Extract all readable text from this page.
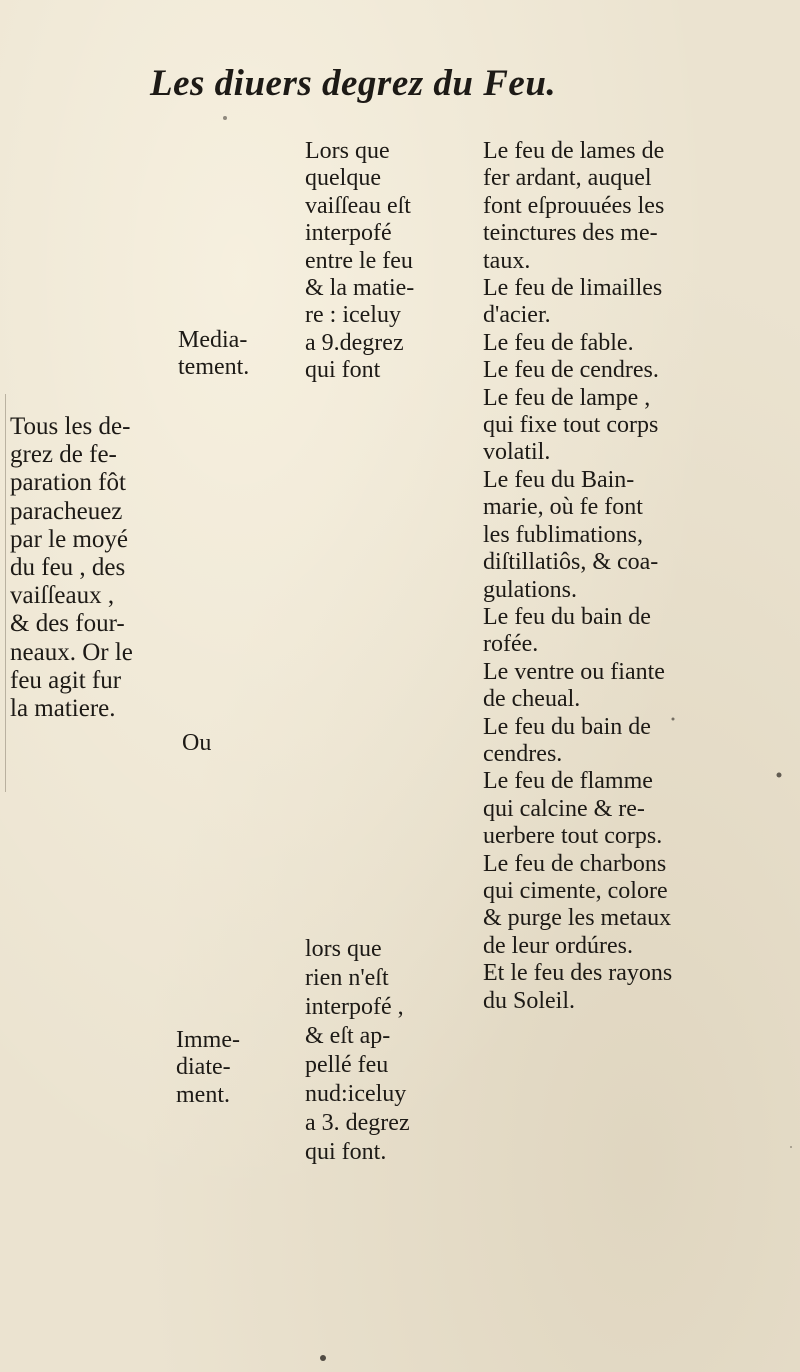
Les diuers degrez du Feu.
Tous les de-
grez de fe-
paration fôt
paracheuez
par le moyé
du feu , des
vaiſſeaux ,
& des four-
neaux. Or le
feu agit fur
la matiere.
Media-
tement.
Ou
Imme-
diate-
ment.
Lors que
quelque
vaiſſeau eſt
interpofé
entre le feu
& la matie-
re : iceluy
a 9.degrez
qui font
lors que
rien n'eſt
interpofé ,
& eſt ap-
pellé feu
nud:iceluy
a 3. degrez
qui font.
Le feu de lames de
fer ardant, auquel
font eſprouuées les
teinctures des me-
taux.
Le feu de limailles
d'acier.
Le feu de fable.
Le feu de cendres.
Le feu de lampe ,
qui fixe tout corps
volatil.
Le feu du Bain-
marie, où fe font
les fublimations,
diſtillatiôs, & coa-
gulations.
Le feu du bain de
rofée.
Le ventre ou fiante
de cheual.
Le feu du bain de
cendres.
Le feu de flamme
qui calcine & re-
uerbere tout corps.
Le feu de charbons
qui cimente, colore
& purge les metaux
de leur ordúres.
Et le feu des rayons
du Soleil.
